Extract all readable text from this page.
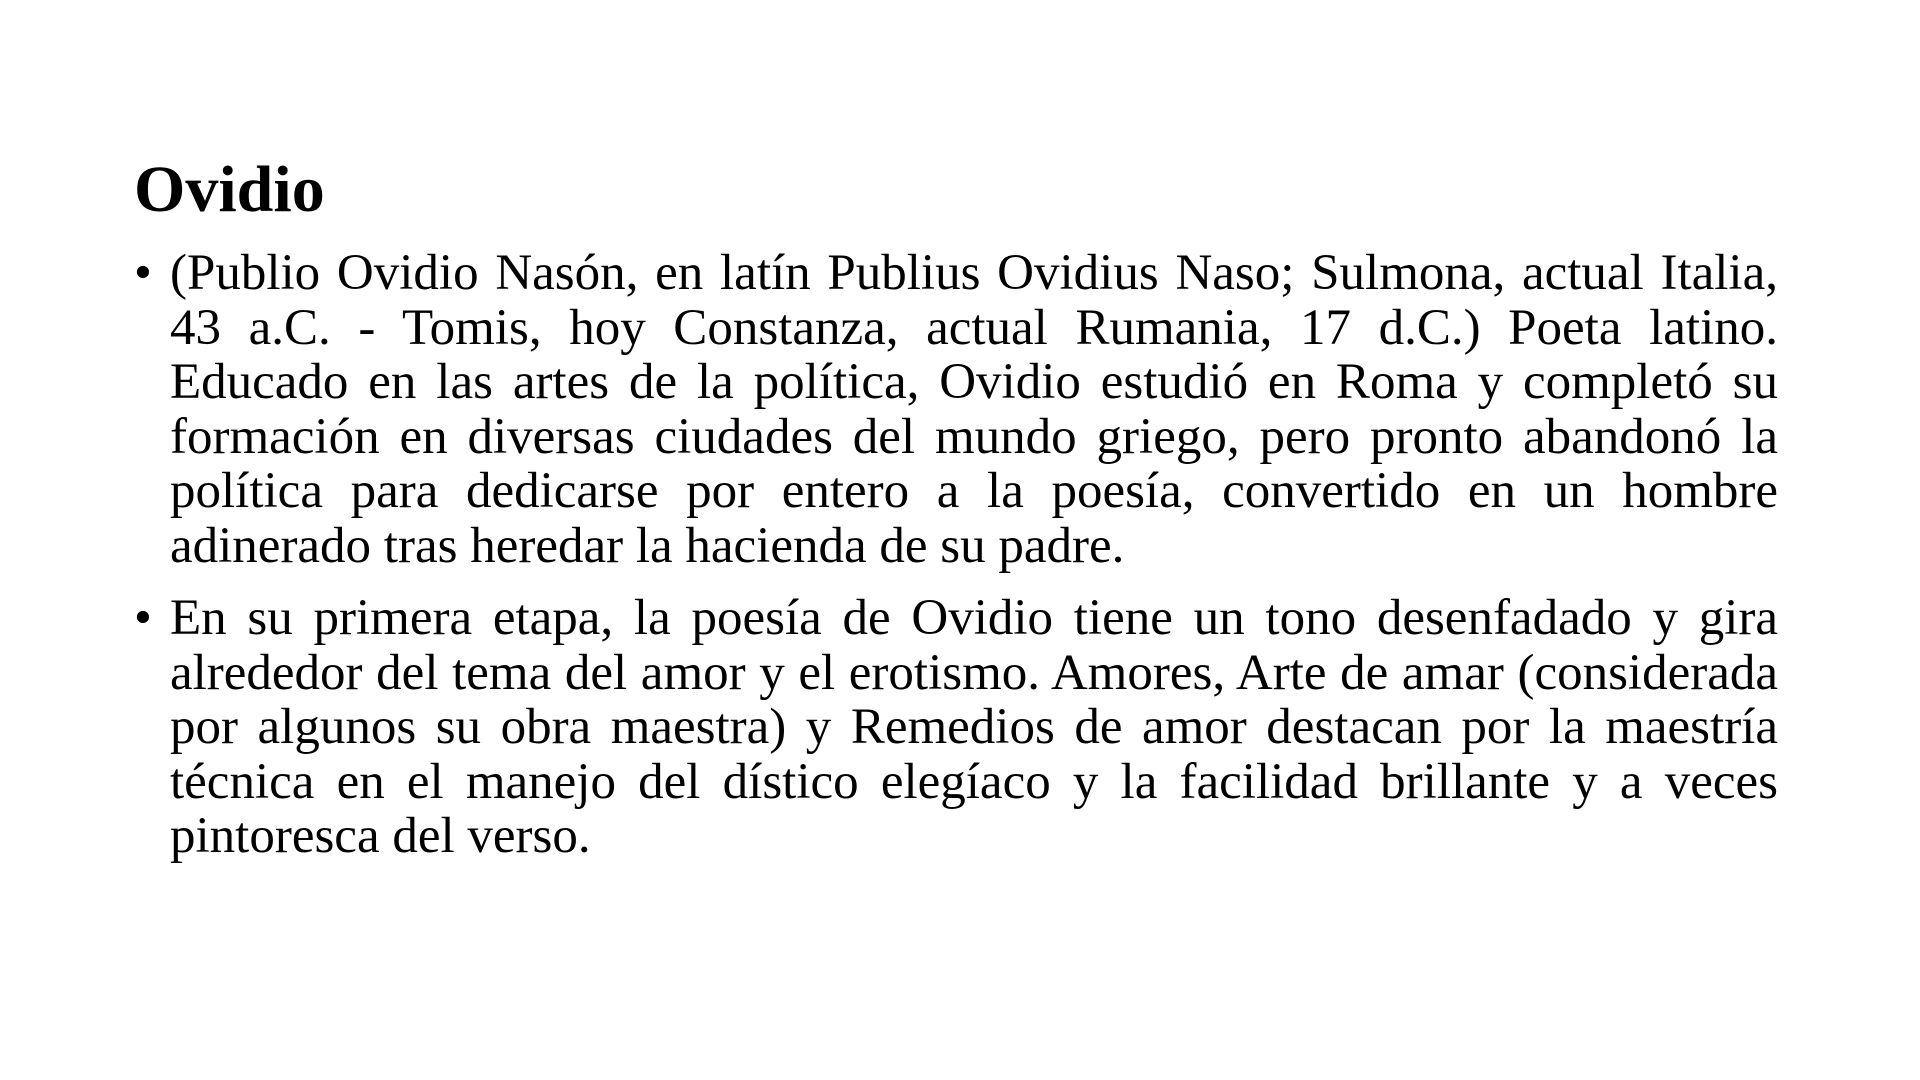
Ovidio
• (Publio Ovidio Nasón, en latín Publius Ovidius Naso; Sulmona, actual Italia, 43 a.C. - Tomis, hoy Constanza, actual Rumania, 17 d.C.) Poeta latino. Educado en las artes de la política, Ovidio estudió en Roma y completó su formación en diversas ciudades del mundo griego, pero pronto abandonó la política para dedicarse por entero a la poesía, convertido en un hombre adinerado tras heredar la hacienda de su padre.
• En su primera etapa, la poesía de Ovidio tiene un tono desenfadado y gira alrededor del tema del amor y el erotismo. Amores, Arte de amar (considerada por algunos su obra maestra) y Remedios de amor destacan por la maestría técnica en el manejo del dístico elegíaco y la facilidad brillante y a veces pintoresca del verso.
